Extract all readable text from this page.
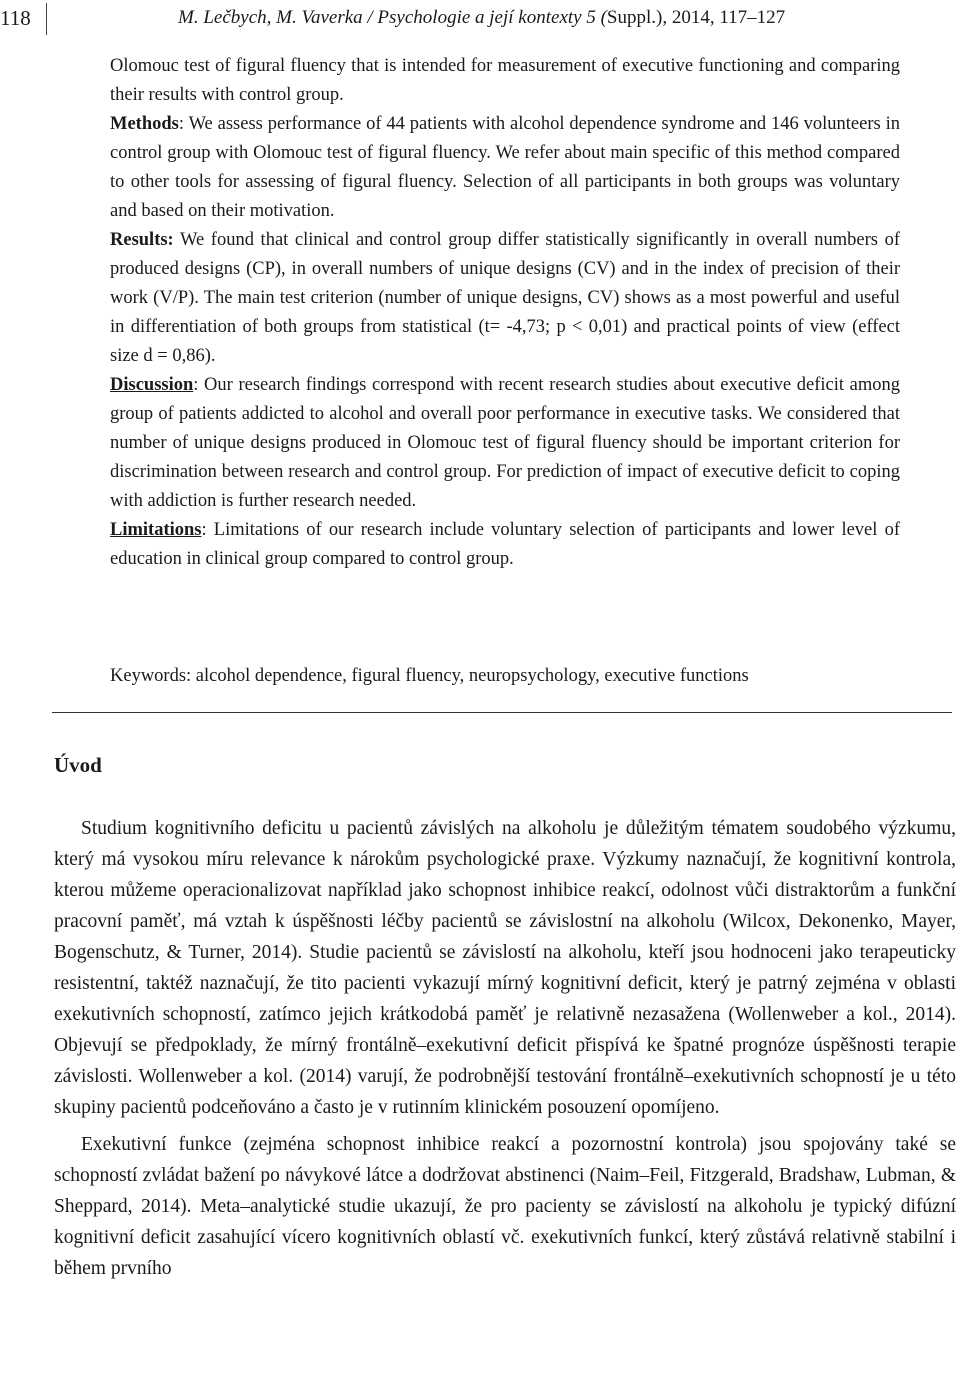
118	M. Lečbych, M. Vaverka / Psychologie a její kontexty 5 (Suppl.), 2014, 117–127

Olomouc test of figural fluency that is intended for measurement of executive functioning and comparing their results with control group.

Methods: We assess performance of 44 patients with alcohol dependence syndrome and 146 volunteers in control group with Olomouc test of figural fluency. We refer about main specific of this method compared to other tools for assessing of figural fluency. Selection of all participants in both groups was voluntary and based on their motivation.

Results: We found that clinical and control group differ statistically significantly in overall numbers of produced designs (CP), in overall numbers of unique designs (CV) and in the index of precision of their work (V/P). The main test criterion (number of unique designs, CV) shows as a most powerful and useful in differentiation of both groups from statistical (t= -4,73; p < 0,01) and practical points of view (effect size d = 0,86).

Discussion: Our research findings correspond with recent research studies about executive deficit among group of patients addicted to alcohol and overall poor performance in executive tasks. We considered that number of unique designs produced in Olomouc test of figural fluency should be important criterion for discrimination between research and control group. For prediction of impact of executive deficit to coping with addiction is further research needed.

Limitations: Limitations of our research include voluntary selection of participants and lower level of education in clinical group compared to control group.

Keywords: alcohol dependence, figural fluency, neuropsychology, executive functions
Úvod

Studium kognitivního deficitu u pacientů závislých na alkoholu je důležitým tématem soudobého výzkumu, který má vysokou míru relevance k nárokům psychologické praxe. Výzkumy naznačují, že kognitivní kontrola, kterou můžeme operacionalizovat například jako schopnost inhibice reakcí, odolnost vůči distraktorům a funkční pracovní paměť, má vztah k úspěšnosti léčby pacientů se závislostní na alkoholu (Wilcox, Dekonenko, Mayer, Bogenschutz, & Turner, 2014). Studie pacientů se závislostí na alkoholu, kteří jsou hodnoceni jako terapeuticky resistentní, taktéž naznačují, že tito pacienti vykazují mírný kognitivní deficit, který je patrný zejména v oblasti exekutivních schopností, zatímco jejich krátkodobá paměť je relativně nezasažena (Wollenweber a kol., 2014). Objevují se předpoklady, že mírný frontálně–exekutivní deficit přispívá ke špatné prognóze úspěšnosti terapie závislosti. Wollenweber a kol. (2014) varují, že podrobnější testování frontálně–exekutivních schopností je u této skupiny pacientů podceňováno a často je v rutinním klinickém posouzení opomíjeno.

Exekutivní funkce (zejména schopnost inhibice reakcí a pozornostní kontrola) jsou spojovány také se schopností zvládat bažení po návykové látce a dodržovat abstinenci (Naim–Feil, Fitzgerald, Bradshaw, Lubman, & Sheppard, 2014). Meta–analytické studie ukazují, že pro pacienty se závislostí na alkoholu je typický difúzní kognitivní deficit zasahující vícero kognitivních oblastí vč. exekutivních funkcí, který zůstává relativně stabilní i během prvního
